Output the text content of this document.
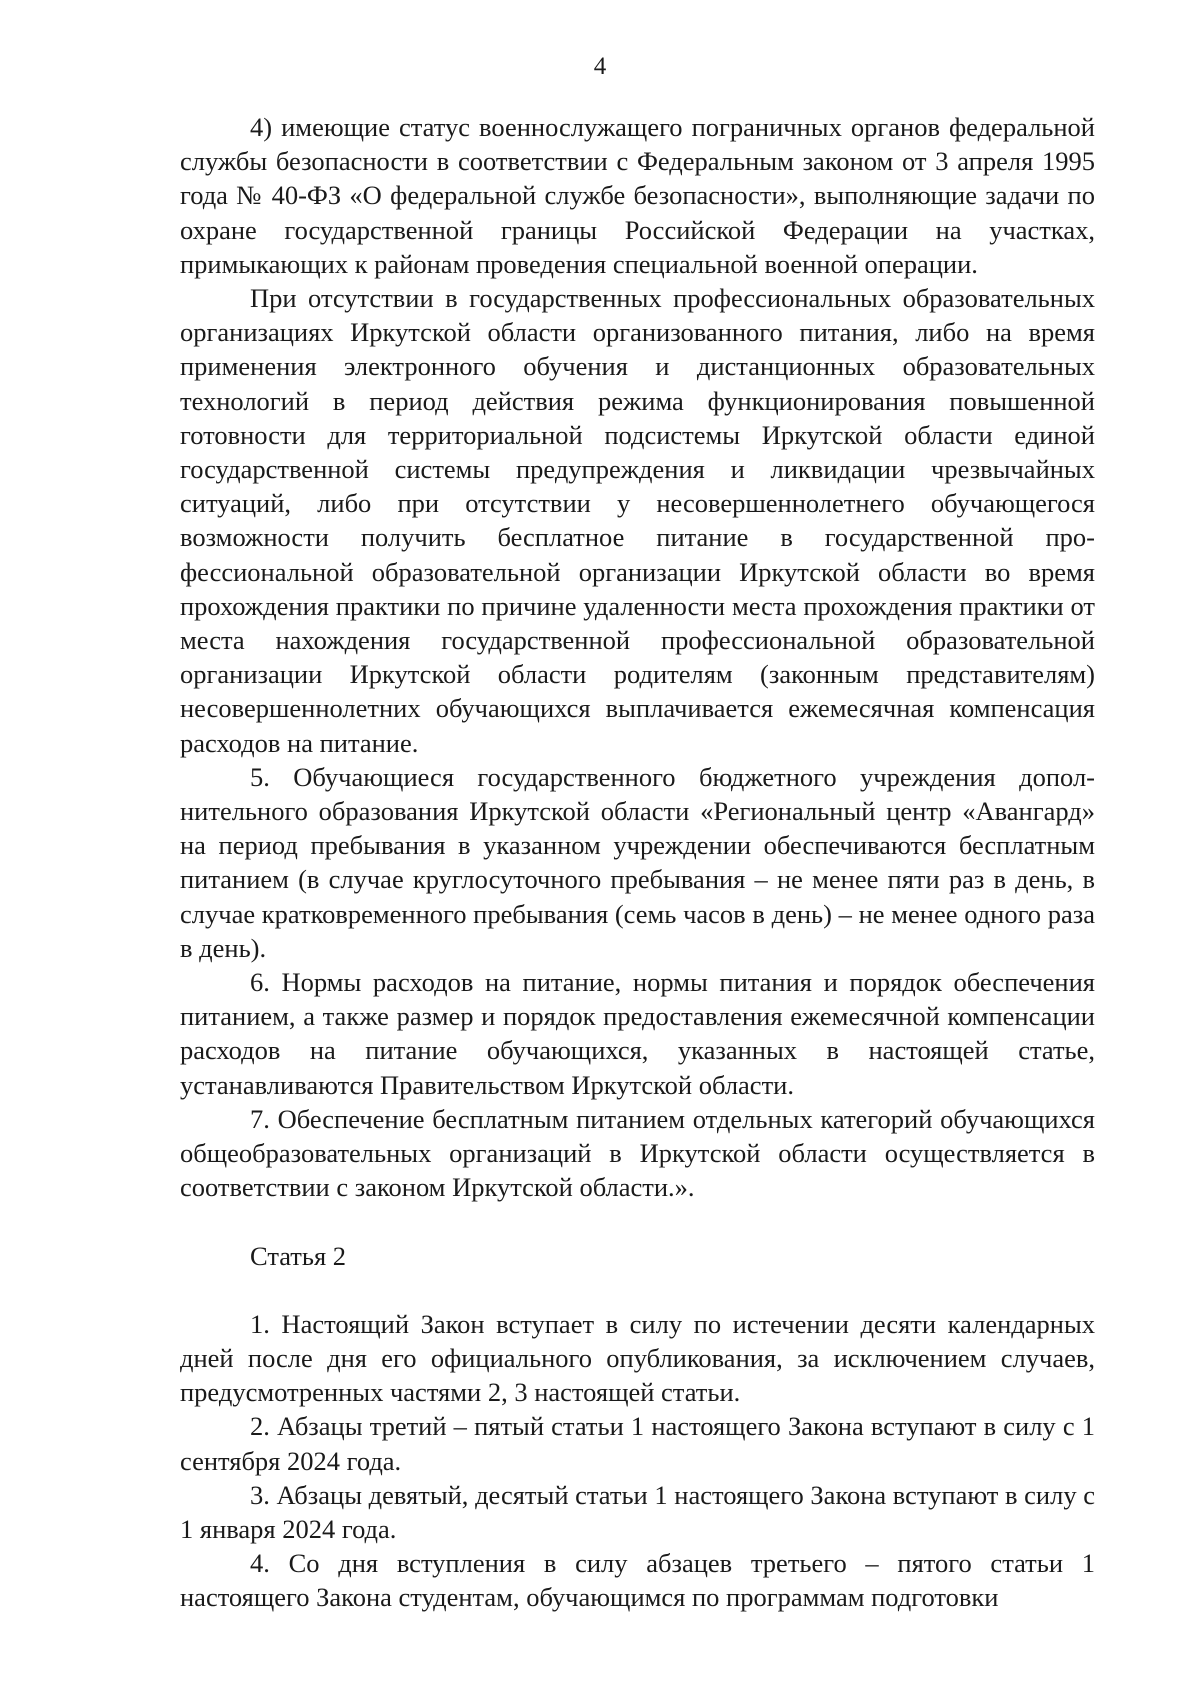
4

4) имеющие статус военнослужащего пограничных органов федеральной службы безопасности в соответствии с Федеральным законом от 3 апреля 1995 года № 40-ФЗ «О федеральной службе безопасности», выполняющие задачи по охране государственной границы Российской Федерации на участках, примыкающих к районам проведения специальной военной операции.

При отсутствии в государственных профессиональных образовательных организациях Иркутской области организованного питания, либо на время применения электронного обучения и дистанционных образовательных технологий в период действия режима функционирования повышенной готовности для территориальной подсистемы Иркутской области единой государственной системы предупреждения и ликвидации чрезвычайных ситуаций, либо при отсутствии у несовершеннолетнего обучающегося возможности получить бесплатное питание в государственной профессиональной образовательной организации Иркутской области во время прохождения практики по причине удаленности места прохождения практики от места нахождения государственной профессиональной образовательной организации Иркутской области родителям (законным представителям) несовершеннолетних обучающихся выплачивается ежемесячная компенсация расходов на питание.

5. Обучающиеся государственного бюджетного учреждения дополнительного образования Иркутской области «Региональный центр «Авангард» на период пребывания в указанном учреждении обеспечиваются бесплатным питанием (в случае круглосуточного пребывания – не менее пяти раз в день, в случае кратковременного пребывания (семь часов в день) – не менее одного раза в день).

6. Нормы расходов на питание, нормы питания и порядок обеспечения питанием, а также размер и порядок предоставления ежемесячной компенсации расходов на питание обучающихся, указанных в настоящей статье, устанавливаются Правительством Иркутской области.

7. Обеспечение бесплатным питанием отдельных категорий обучающихся общеобразовательных организаций в Иркутской области осуществляется в соответствии с законом Иркутской области.».

Статья 2

1. Настоящий Закон вступает в силу по истечении десяти календарных дней после дня его официального опубликования, за исключением случаев, предусмотренных частями 2, 3 настоящей статьи.

2. Абзацы третий – пятый статьи 1 настоящего Закона вступают в силу с 1 сентября 2024 года.

3. Абзацы девятый, десятый статьи 1 настоящего Закона вступают в силу с 1 января 2024 года.

4. Со дня вступления в силу абзацев третьего – пятого статьи 1 настоящего Закона студентам, обучающимся по программам подготовки
